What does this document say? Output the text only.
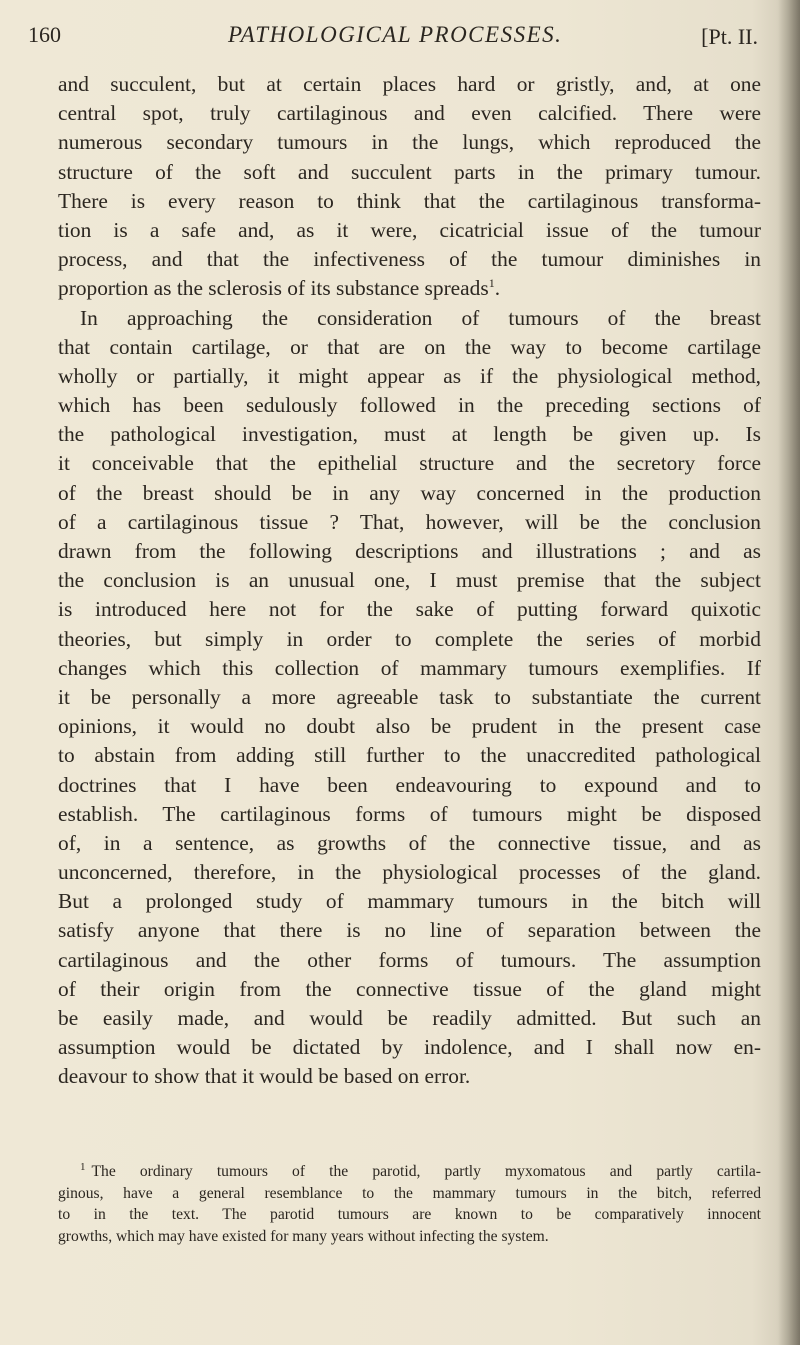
160	PATHOLOGICAL PROCESSES.	[Pt. II.
and succulent, but at certain places hard or gristly, and, at one
central spot, truly cartilaginous and even calcified. There were
numerous secondary tumours in the lungs, which reproduced the
structure of the soft and succulent parts in the primary tumour.
There is every reason to think that the cartilaginous transforma-
tion is a safe and, as it were, cicatricial issue of the tumour
process, and that the infectiveness of the tumour diminishes in
proportion as the sclerosis of its substance spreads$^1$.
In approaching the consideration of tumours of the breast
that contain cartilage, or that are on the way to become cartilage
wholly or partially, it might appear as if the physiological method,
which has been sedulously followed in the preceding sections of
the pathological investigation, must at length be given up. Is
it conceivable that the epithelial structure and the secretory force
of the breast should be in any way concerned in the production
of a cartilaginous tissue ? That, however, will be the conclusion
drawn from the following descriptions and illustrations ; and as
the conclusion is an unusual one, I must premise that the subject
is introduced here not for the sake of putting forward quixotic
theories, but simply in order to complete the series of morbid
changes which this collection of mammary tumours exemplifies. If
it be personally a more agreeable task to substantiate the current
opinions, it would no doubt also be prudent in the present case
to abstain from adding still further to the unaccredited pathological
doctrines that I have been endeavouring to expound and to
establish. The cartilaginous forms of tumours might be disposed
of, in a sentence, as growths of the connective tissue, and as
unconcerned, therefore, in the physiological processes of the gland.
But a prolonged study of mammary tumours in the bitch will
satisfy anyone that there is no line of separation between the
cartilaginous and the other forms of tumours. The assumption
of their origin from the connective tissue of the gland might
be easily made, and would be readily admitted. But such an
assumption would be dictated by indolence, and I shall now en-
deavour to show that it would be based on error.
$^1$ The ordinary tumours of the parotid, partly myxomatous and partly cartila-
ginous, have a general resemblance to the mammary tumours in the bitch, referred
to in the text. The parotid tumours are known to be comparatively innocent
growths, which may have existed for many years without infecting the system.
